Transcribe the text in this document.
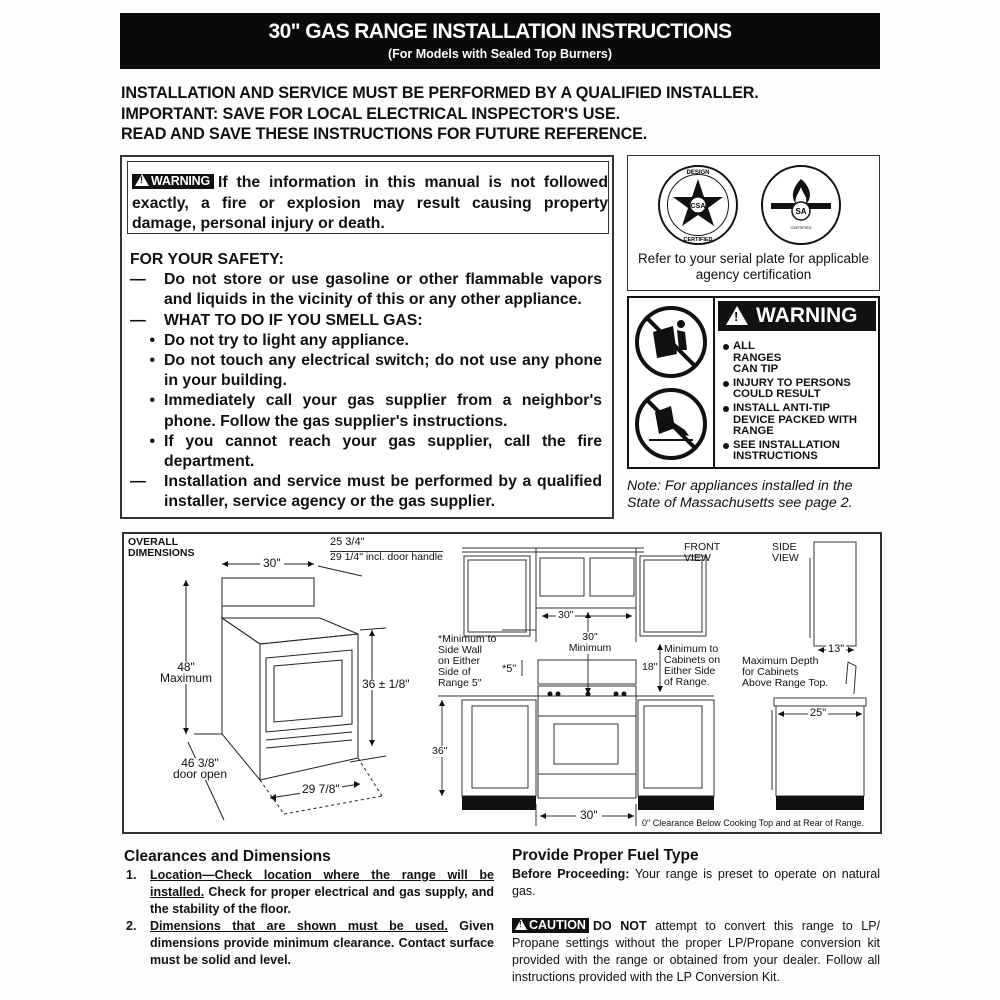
30" GAS RANGE INSTALLATION INSTRUCTIONS
(For Models with Sealed Top Burners)
INSTALLATION AND SERVICE MUST BE PERFORMED BY A QUALIFIED INSTALLER.
IMPORTANT: SAVE FOR LOCAL ELECTRICAL INSPECTOR'S USE.
READ AND SAVE THESE INSTRUCTIONS FOR FUTURE REFERENCE.
!WARNING If the information in this manual is not followed exactly, a fire or explosion may result causing property damage, personal injury or death.
FOR YOUR SAFETY:
—	Do not store or use gasoline or other flammable vapors and liquids in the vicinity of this or any other appliance.
—	WHAT TO DO IF YOU SMELL GAS:
• Do not try to light any appliance.
• Do not touch any electrical switch; do not use any phone in your building.
• Immediately call your gas supplier from a neighbor's phone. Follow the gas supplier's instructions.
• If you cannot reach your gas supplier, call the fire department.
—	Installation and service must be performed by a qualified installer, service agency or the gas supplier.
CSA
DESIGN
CERTIFIED
SA
CERTIFIED
Refer to your serial plate for applicable agency certification
!
WARNING
ALL RANGES CAN TIP
INJURY TO PERSONS COULD RESULT
INSTALL ANTI-TIP DEVICE PACKED WITH RANGE
SEE INSTALLATION INSTRUCTIONS
Note: For appliances installed in the State of Massachusetts see page 2.
OVERALL
DIMENSIONS
30"
25 3/4"
29 1/4" incl. door handle
48"
Maximum	36 ± 1/8"
46 3/8"
door open
29 7/8"
FRONT
VIEW
SIDE
VIEW
30"
30"
Minimum
*Minimum to
Side Wall
on Either
Side of
Range 5"
*5"	18"
Minimum to
Cabinets on
Either Side
of Range.
36"
30"
0" Clearance Below Cooking Top and at Rear of Range.
13"
Maximum Depth
for Cabinets
Above Range Top.
25"
Clearances and Dimensions
1.	Location—Check location where the range will be installed. Check for proper electrical and gas supply, and the stability of the floor.
2.	Dimensions that are shown must be used. Given dimensions provide minimum clearance. Contact surface must be solid and level.
Provide Proper Fuel Type

Before Proceeding: Your range is preset to operate on natural gas.

!CAUTION DO NOT attempt to convert this range to LP/ Propane settings without the proper LP/Propane conversion kit provided with the range or obtained from your dealer. Follow all instructions provided with the LP Conversion Kit.
